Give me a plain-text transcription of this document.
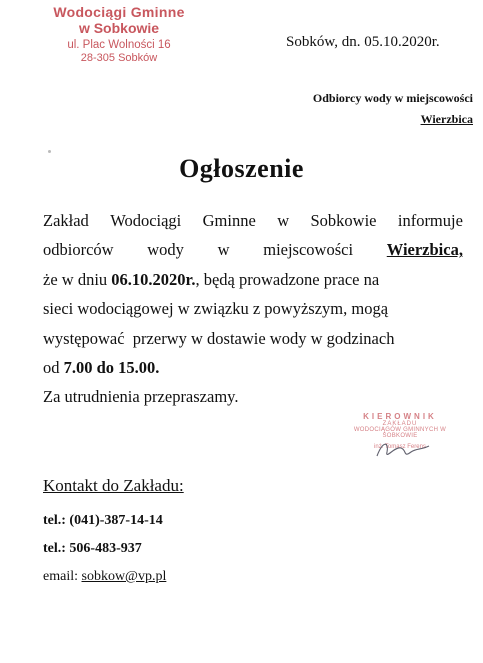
Wodociągi Gminne
w Sobkowie
ul. Plac Wolności 16
28-305 Sobków
Sobków, dn. 05.10.2020r.
Odbiorcy wody w miejscowości
Wierzbica
Ogłoszenie
Zakład Wodociągi Gminne w Sobkowie informuje
odbiorców wody w miejscowości Wierzbica,
że w dniu 06.10.2020r., będą prowadzone prace na
sieci wodociągowej w związku z powyższym, mogą
występować  przerwy w dostawie wody w godzinach
od
7.00 do 15.00.
Za utrudnienia przepraszamy.
KIEROWNIK
ZAKŁADU
WODOCIĄGÓW GMINNYCH W SOBKOWIE
inż. Tomasz Ferens
Kontakt do Zakładu:
tel.: (041)-387-14-14
tel.: 506-483-937
email: sobkow@vp.pl
